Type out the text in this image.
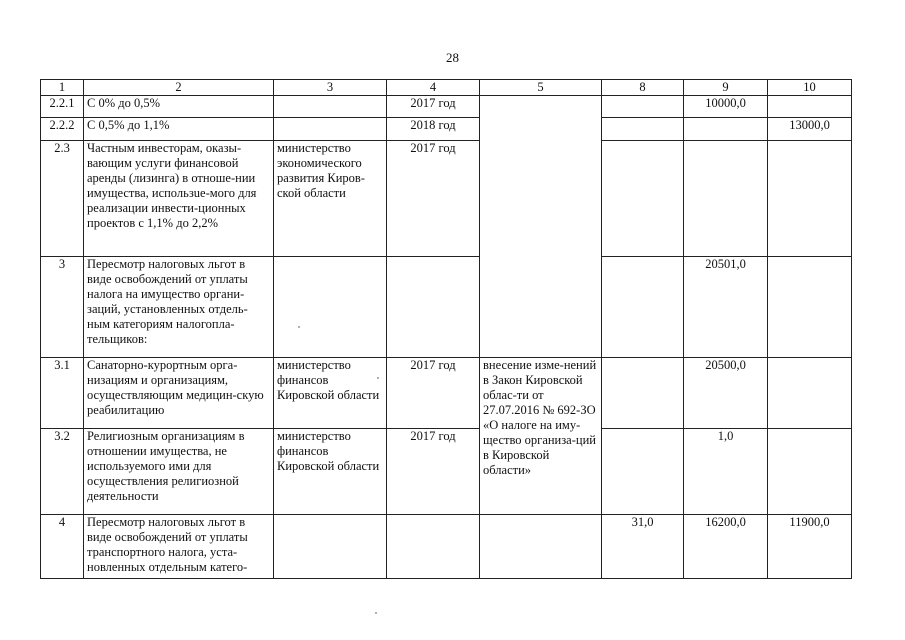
28
1	2	3	4	5	8	9	10
2.2.1	С 0% до 0,5%		2017 год			10000,0	
2.2.2	С 0,5% до 1,1%		2018 год				13000,0
2.3	Частным инвесторам, оказы-вающим услуги финансовой аренды (лизинга) в отноше-нии имущества, использue-мого для реализации инвести-ционных проектов с 1,1% до 2,2%	министерство экономического развития Киров-ской области	2017 год				
3	Пересмотр налоговых льгот в виде освобождений от уплаты налога на имущество органи-заций, установленных отдель-ным категориям налогопла-тельщиков:					20501,0	
3.1	Санаторно-курортным орга-низациям и организациям, осуществляющим медицин-скую реабилитацию	министерство финансов Кировской области	2017 год	внесение изме-нений в Закон Кировской облас-ти от 27.07.2016 № 692-ЗО «О налоге на иму-щество организа-ций в Кировской области»		20500,0	
3.2	Религиозным организациям в отношении имущества, не используемого ими для осуществления религиозной деятельности	министерство финансов Кировской области	2017 год			1,0	
4	Пересмотр налоговых льгот в виде освобождений от уплаты транспортного налога, уста-новленных отдельным катего-				31,0	16200,0	11900,0
